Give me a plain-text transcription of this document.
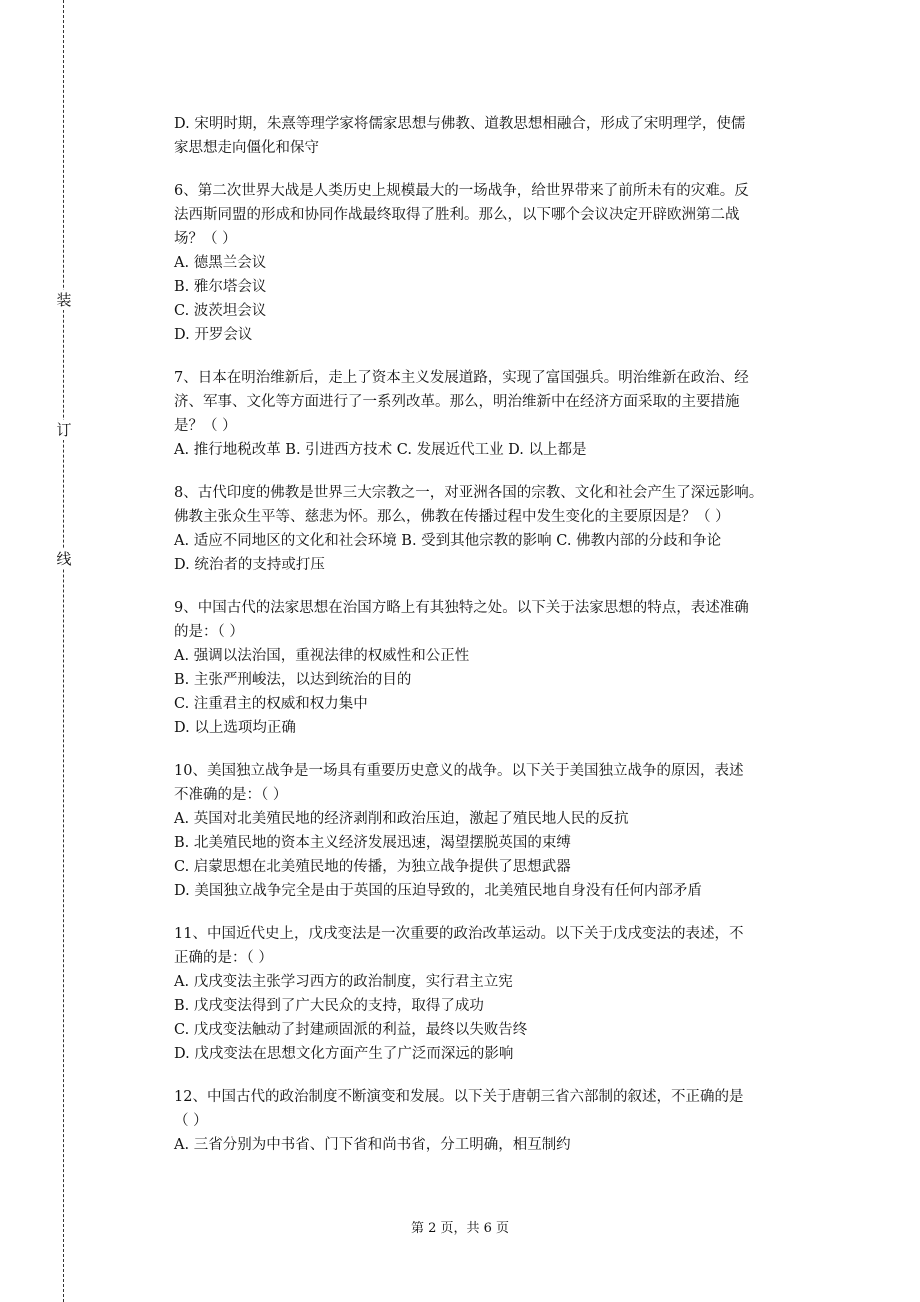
装
订
线

D. 宋明时期，朱熹等理学家将儒家思想与佛教、道教思想相融合，形成了宋明理学，使儒

家思想走向僵化和保守

6、第二次世界大战是人类历史上规模最大的一场战争，给世界带来了前所未有的灾难。反

法西斯同盟的形成和协同作战最终取得了胜利。那么，以下哪个会议决定开辟欧洲第二战

场？（ ）

A. 德黑兰会议

B. 雅尔塔会议

C. 波茨坦会议

D. 开罗会议

7、日本在明治维新后，走上了资本主义发展道路，实现了富国强兵。明治维新在政治、经

济、军事、文化等方面进行了一系列改革。那么，明治维新中在经济方面采取的主要措施

是？（ ）

A. 推行地税改革 B. 引进西方技术 C. 发展近代工业 D. 以上都是

8、古代印度的佛教是世界三大宗教之一，对亚洲各国的宗教、文化和社会产生了深远影响。

佛教主张众生平等、慈悲为怀。那么，佛教在传播过程中发生变化的主要原因是？（ ）

A. 适应不同地区的文化和社会环境 B. 受到其他宗教的影响 C. 佛教内部的分歧和争论

D. 统治者的支持或打压

9、中国古代的法家思想在治国方略上有其独特之处。以下关于法家思想的特点，表述准确

的是：（ ）

A. 强调以法治国，重视法律的权威性和公正性

B. 主张严刑峻法，以达到统治的目的

C. 注重君主的权威和权力集中

D. 以上选项均正确

10、美国独立战争是一场具有重要历史意义的战争。以下关于美国独立战争的原因，表述

不准确的是：（ ）

A. 英国对北美殖民地的经济剥削和政治压迫，激起了殖民地人民的反抗

B. 北美殖民地的资本主义经济发展迅速，渴望摆脱英国的束缚

C. 启蒙思想在北美殖民地的传播，为独立战争提供了思想武器

D. 美国独立战争完全是由于英国的压迫导致的，北美殖民地自身没有任何内部矛盾

11、中国近代史上，戊戌变法是一次重要的政治改革运动。以下关于戊戌变法的表述，不

正确的是：（ ）

A. 戊戌变法主张学习西方的政治制度，实行君主立宪

B. 戊戌变法得到了广大民众的支持，取得了成功

C. 戊戌变法触动了封建顽固派的利益，最终以失败告终

D. 戊戌变法在思想文化方面产生了广泛而深远的影响

12、中国古代的政治制度不断演变和发展。以下关于唐朝三省六部制的叙述，不正确的是

（ ）

A. 三省分别为中书省、门下省和尚书省，分工明确，相互制约

第 2 页，共 6 页
